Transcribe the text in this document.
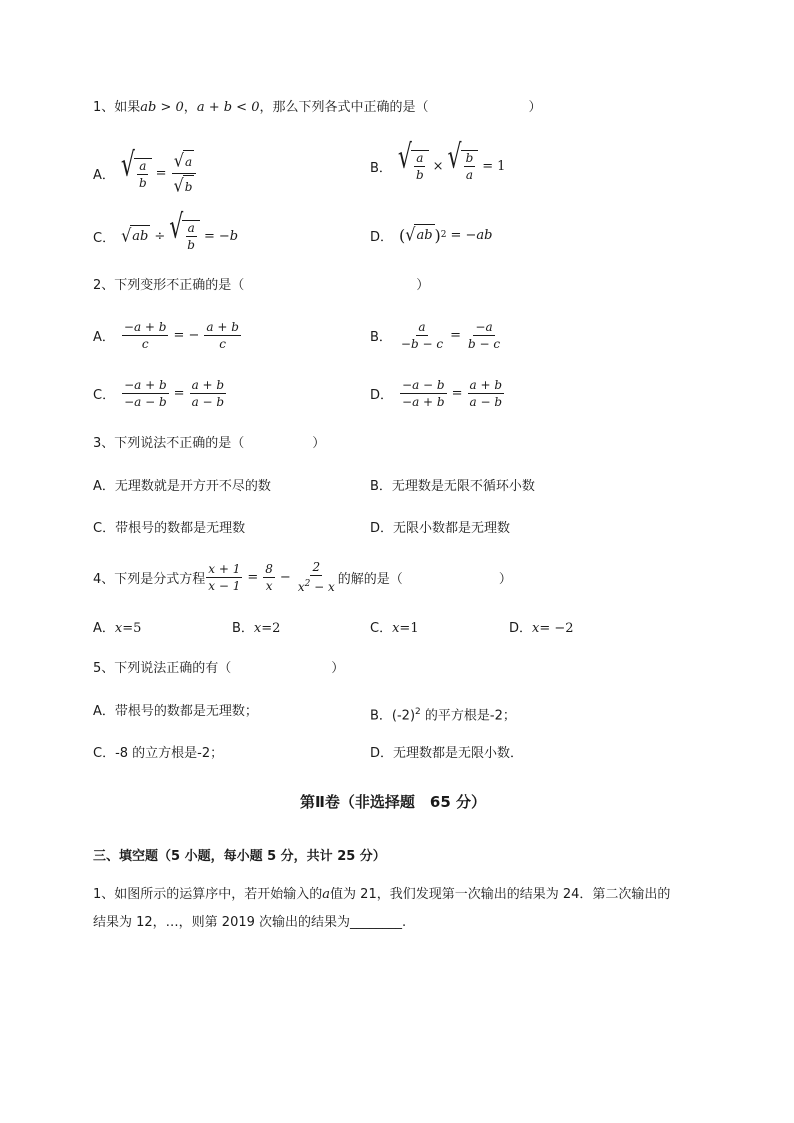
1、如果ab > 0，a + b < 0，那么下列各式中正确的是（	）
A． √ $\frac{a}{b} = \frac{√ a}{√ b}$	B． √ $\frac{a}{b}$ × √ $\frac{b}{a} = 1$
C． √ ab ÷ √ $\frac{a}{b} = -b$	D． ( √ ab ) 2 = −ab
2、下列变形不正确的是（	）
A． $\frac{-a + b}{c}$ = − $\frac{a + b}{c}$	B． $\frac{a}{-b - c} = \frac{-a}{b - c}$
C． $\frac{-a + b}{-a - b} = \frac{a + b}{a - b}$	D． $\frac{-a - b}{-a + b} = \frac{a + b}{a - b}$
3、下列说法不正确的是（	）
A．无理数就是开方开不尽的数	B．无理数是无限不循环小数
C．带根号的数都是无理数	D．无限小数都是无理数
4、下列是分式方程 $\frac{x + 1}{x - 1} = \frac{8}{x} - \frac{2}{x^2 - x}$ 的解的是（	）
A．x=5	B．x=2	C．x=1	D．x= −2
5、下列说法正确的有（	）
A．带根号的数都是无理数；	B．$(-2)^2$ 的平方根是-2；
C．-8 的立方根是-2；	D．无理数都是无限小数．
第Ⅱ卷（非选择题　65 分）
三、填空题（5 小题，每小题 5 分，共计 25 分）
1、如图所示的运算序中，若开始输入的a值为 21，我们发现第一次输出的结果为 24．第二次输出的
结果为 12，…，则第 2019 次输出的结果为________.
